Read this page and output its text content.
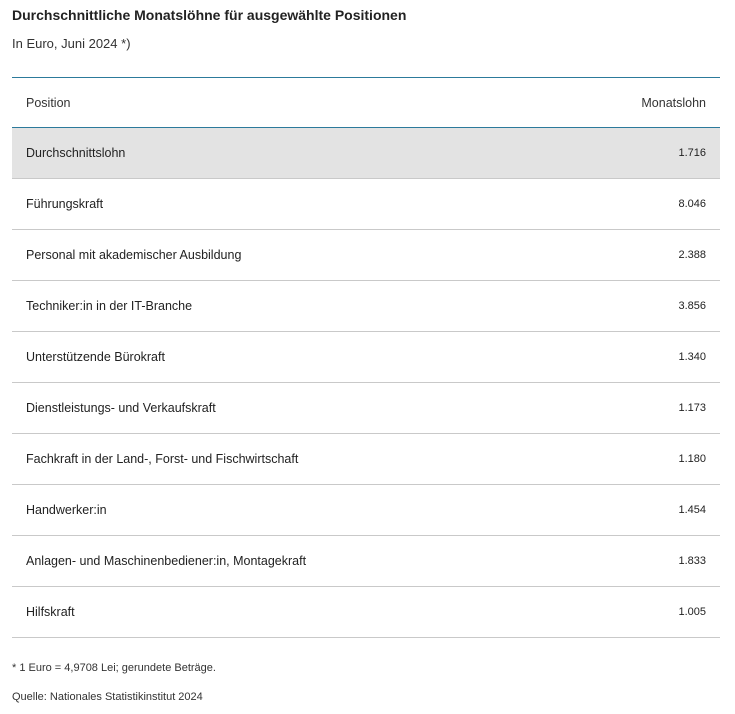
Durchschnittliche Monatslöhne für ausgewählte Positionen
In Euro, Juni 2024 *)
Position	Monatslohn
Durchschnittslohn	1.716
Führungskraft	8.046
Personal mit akademischer Ausbildung	2.388
Techniker:in in der IT-Branche	3.856
Unterstützende Bürokraft	1.340
Dienstleistungs- und Verkaufskraft	1.173
Fachkraft in der Land-, Forst- und Fischwirtschaft	1.180
Handwerker:in	1.454
Anlagen- und Maschinenbediener:in, Montagekraft	1.833
Hilfskraft	1.005
* 1 Euro = 4,9708 Lei; gerundete Beträge.
Quelle: Nationales Statistikinstitut 2024
